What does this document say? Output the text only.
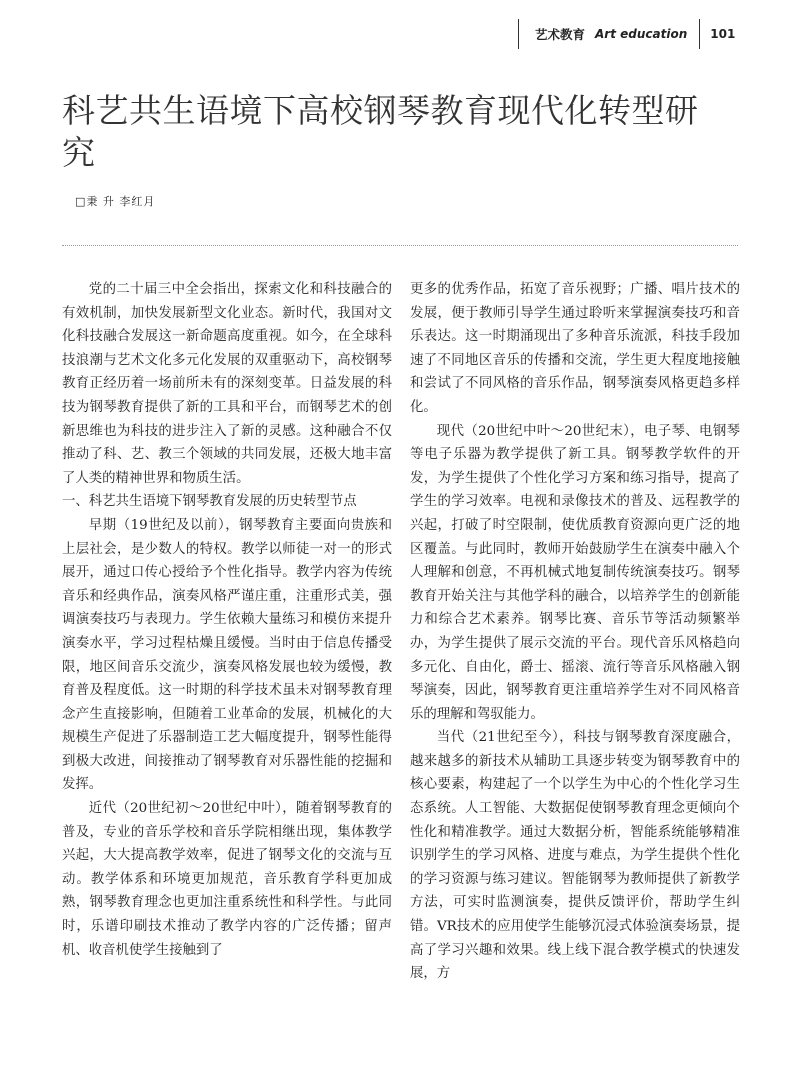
艺术教育 Art education 101
科艺共生语境下高校钢琴教育现代化转型研究
□秉 升 李红月

党的二十届三中全会指出，探索文化和科技融合的有效机制，加快发展新型文化业态。新时代，我国对文化科技融合发展这一新命题高度重视。如今，在全球科技浪潮与艺术文化多元化发展的双重驱动下，高校钢琴教育正经历着一场前所未有的深刻变革。日益发展的科技为钢琴教育提供了新的工具和平台，而钢琴艺术的创新思维也为科技的进步注入了新的灵感。这种融合不仅推动了科、艺、教三个领域的共同发展，还极大地丰富了人类的精神世界和物质生活。

一、科艺共生语境下钢琴教育发展的历史转型节点

早期（19世纪及以前），钢琴教育主要面向贵族和上层社会，是少数人的特权。教学以师徒一对一的形式展开，通过口传心授给予个性化指导。教学内容为传统音乐和经典作品，演奏风格严谨庄重，注重形式美，强调演奏技巧与表现力。学生依赖大量练习和模仿来提升演奏水平，学习过程枯燥且缓慢。当时由于信息传播受限，地区间音乐交流少，演奏风格发展也较为缓慢，教育普及程度低。这一时期的科学技术虽未对钢琴教育理念产生直接影响，但随着工业革命的发展，机械化的大规模生产促进了乐器制造工艺大幅度提升，钢琴性能得到极大改进，间接推动了钢琴教育对乐器性能的挖掘和发挥。

近代（20世纪初～20世纪中叶），随着钢琴教育的普及，专业的音乐学校和音乐学院相继出现，集体教学兴起，大大提高教学效率，促进了钢琴文化的交流与互动。教学体系和环境更加规范，音乐教育学科更加成熟，钢琴教育理念也更加注重系统性和科学性。与此同时，乐谱印刷技术推动了教学内容的广泛传播；留声机、收音机使学生接触到了

更多的优秀作品，拓宽了音乐视野；广播、唱片技术的发展，便于教师引导学生通过聆听来掌握演奏技巧和音乐表达。这一时期涌现出了多种音乐流派，科技手段加速了不同地区音乐的传播和交流，学生更大程度地接触和尝试了不同风格的音乐作品，钢琴演奏风格更趋多样化。

现代（20世纪中叶～20世纪末），电子琴、电钢琴等电子乐器为教学提供了新工具。钢琴教学软件的开发，为学生提供了个性化学习方案和练习指导，提高了学生的学习效率。电视和录像技术的普及、远程教学的兴起，打破了时空限制，使优质教育资源向更广泛的地区覆盖。与此同时，教师开始鼓励学生在演奏中融入个人理解和创意，不再机械式地复制传统演奏技巧。钢琴教育开始关注与其他学科的融合，以培养学生的创新能力和综合艺术素养。钢琴比赛、音乐节等活动频繁举办，为学生提供了展示交流的平台。现代音乐风格趋向多元化、自由化，爵士、摇滚、流行等音乐风格融入钢琴演奏，因此，钢琴教育更注重培养学生对不同风格音乐的理解和驾驭能力。

当代（21世纪至今），科技与钢琴教育深度融合，越来越多的新技术从辅助工具逐步转变为钢琴教育中的核心要素，构建起了一个以学生为中心的个性化学习生态系统。人工智能、大数据促使钢琴教育理念更倾向个性化和精准教学。通过大数据分析，智能系统能够精准识别学生的学习风格、进度与难点，为学生提供个性化的学习资源与练习建议。智能钢琴为教师提供了新教学方法，可实时监测演奏，提供反馈评价，帮助学生纠错。VR技术的应用使学生能够沉浸式体验演奏场景，提高了学习兴趣和效果。线上线下混合教学模式的快速发展，方
